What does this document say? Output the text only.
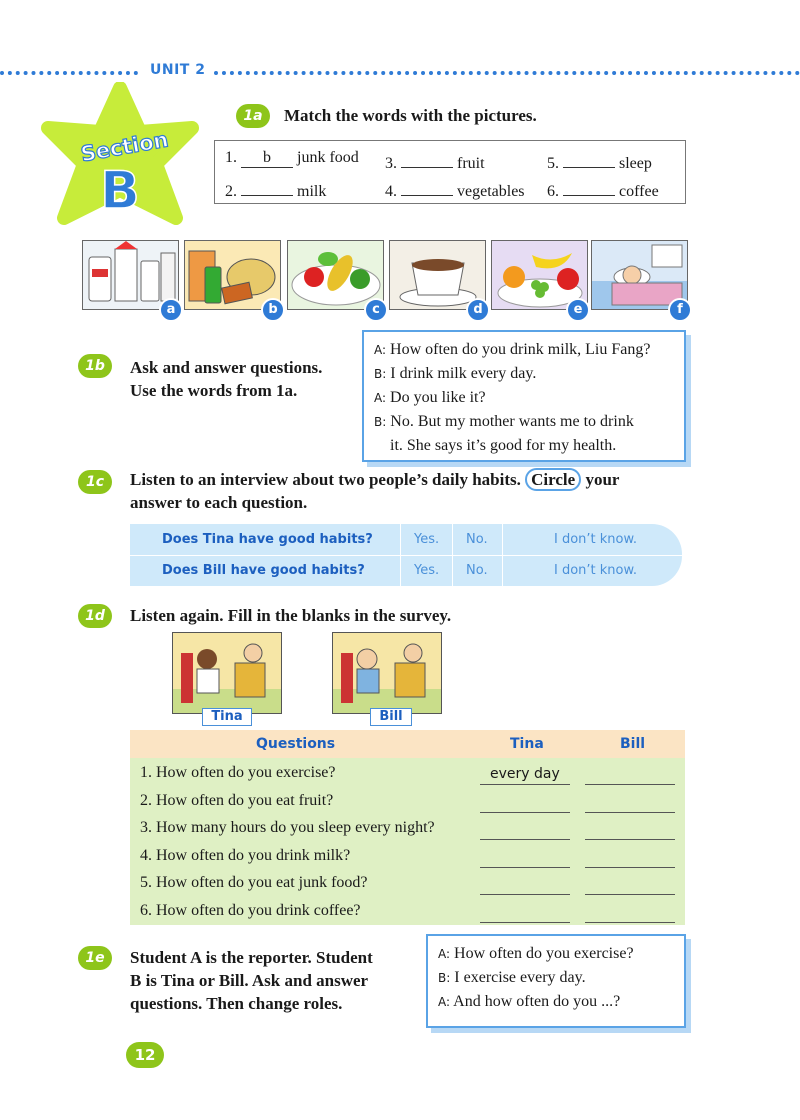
UNIT 2
Section
B
1a	Match the words with the pictures.
1. b junk food
2.	milk
3.	fruit
4.	vegetables
5.	sleep
6.	coffee
a	b	c	d	e	f
1b	Ask and answer questions.
Use the words from 1a.
A: How often do you drink milk, Liu Fang?
B: I drink milk every day.
A: Do you like it?
B: No. But my mother wants me to drink
it. She says it’s good for my health.
1c	Listen to an interview about two people’s daily habits. Circle your
answer to each question.
Does Tina have good habits?	Yes. No.	I don’t know.
Does Bill have good habits?	Yes. No.	I don’t know.
1d	Listen again. Fill in the blanks in the survey.
Tina	Bill
Questions	Tina	Bill
1. How often do you exercise?	every day
2. How often do you eat fruit?
3. How many hours do you sleep every night?
4. How often do you drink milk?
5. How often do you eat junk food?
6. How often do you drink coffee?
1e	Student A is the reporter. Student
B is Tina or Bill. Ask and answer
questions. Then change roles.
A: How often do you exercise?
B: I exercise every day.
A: And how often do you ...?
12
